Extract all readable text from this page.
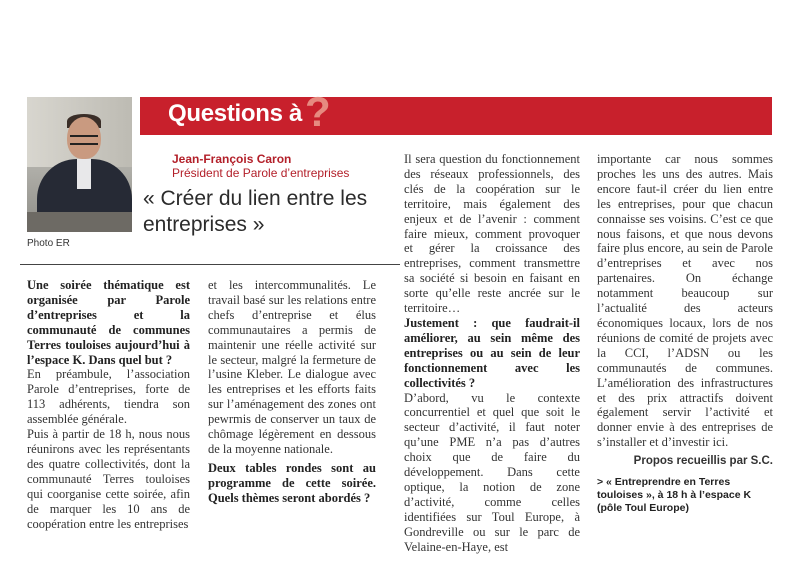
Photo ER
Questions à ?
Jean-François Caron
Président de Parole d’entreprises
« Créer du lien entre les entreprises »

Une soirée thématique est organisée par Parole d’entreprises et la communauté de communes Terres touloises aujourd’hui à l’espace K. Dans quel but ?

En préambule, l’association Parole d’entreprises, forte de 113 adhérents, tiendra son assemblée générale.

Puis à partir de 18 h, nous nous réunirons avec les représentants des quatre collectivités, dont la communauté Terres touloises qui coorganise cette soirée, afin de marquer les 10 ans de coopération entre les entreprises

et les intercommunalités. Le travail basé sur les relations entre chefs d’entreprise et élus communautaires a permis de maintenir une réelle activité sur le secteur, malgré la fermeture de l’usine Kleber. Le dialogue avec les entreprises et les efforts faits sur l’aménagement des zones ont pewrmis de conserver un taux de chômage légèrement en dessous de la moyenne nationale.

Deux tables rondes sont au programme de cette soirée. Quels thèmes seront abordés ?

Il sera question du fonctionnement des réseaux professionnels, des clés de la coopération sur le territoire, mais également des enjeux et de l’avenir : comment faire mieux, comment provoquer et gérer la croissance des entreprises, comment transmettre sa société si besoin en faisant en sorte qu’elle reste ancrée sur le territoire…

Justement : que faudrait-il améliorer, au sein même des entreprises ou au sein de leur fonctionnement avec les collectivités ?

D’abord, vu le contexte concurrentiel et quel que soit le secteur d’activité, il faut noter qu’une PME n’a pas d’autres choix que de faire du développement. Dans cette optique, la notion de zone d’activité, comme celles identifiées sur Toul Europe, à Gondreville ou sur le parc de Velaine-en-Haye, est

importante car nous sommes proches les uns des autres. Mais encore faut-il créer du lien entre les entreprises, pour que chacun connaisse ses voisins. C’est ce que nous faisons, et que nous devons faire plus encore, au sein de Parole d’entreprises et avec nos partenaires. On échange notamment beaucoup sur l’actualité des acteurs économiques locaux, lors de nos réunions de comité de projets avec la CCI, l’ADSN ou les communautés de communes. L’amélioration des infrastructures et des prix attractifs doivent également servir l’activité et donner envie à des entreprises de s’installer et d’investir ici.

Propos recueillis par S.C.

> « Entreprendre en Terres touloises », à 18 h à l’espace K (pôle Toul Europe)
